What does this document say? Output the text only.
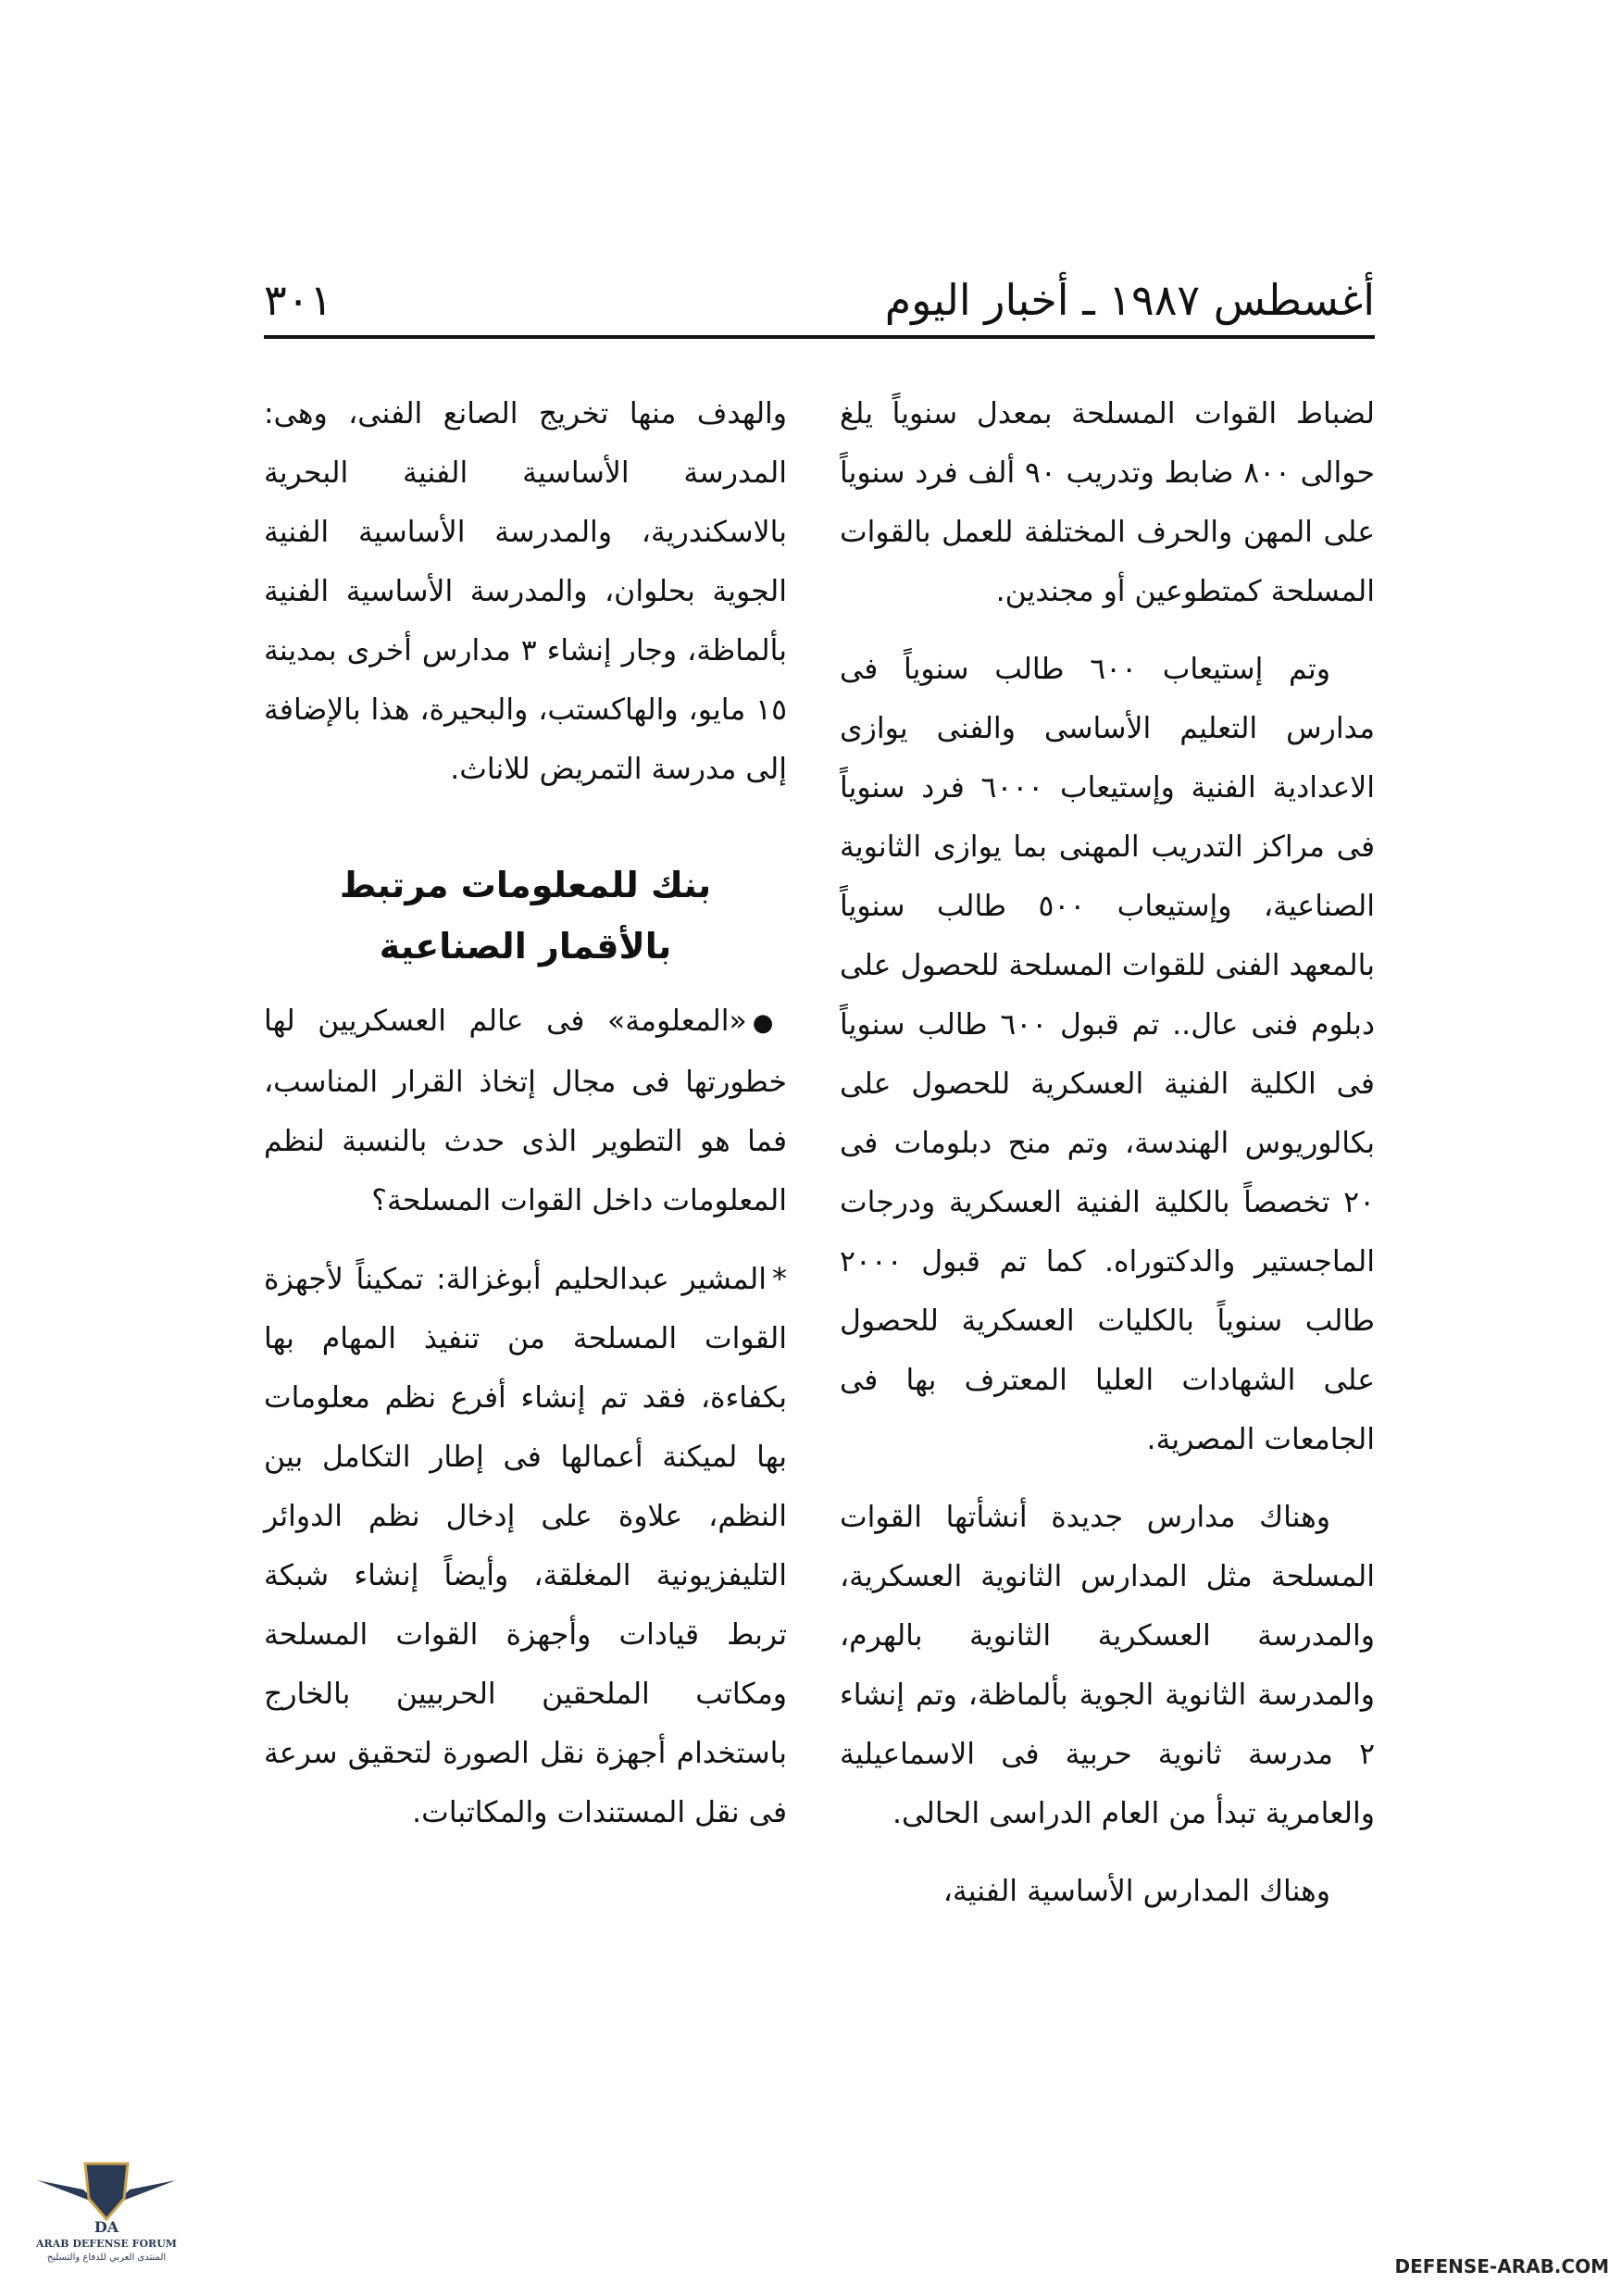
أغسطس ١٩٨٧ ـ أخبار اليوم
٣٠١

لضباط القوات المسلحة بمعدل سنوياً يلغ حوالى ٨٠٠ ضابط وتدريب ٩٠ ألف فرد سنوياً على المهن والحرف المختلفة للعمل بالقوات المسلحة كمتطوعين أو مجندين.

وتم إستيعاب ٦٠٠ طالب سنوياً فى مدارس التعليم الأساسى والفنى يوازى الاعدادية الفنية وإستيعاب ٦٠٠٠ فرد سنوياً فى مراكز التدريب المهنى بما يوازى الثانوية الصناعية، وإستيعاب ٥٠٠ طالب سنوياً بالمعهد الفنى للقوات المسلحة للحصول على دبلوم فنى عال.. تم قبول ٦٠٠ طالب سنوياً فى الكلية الفنية العسكرية للحصول على بكالوريوس الهندسة، وتم منح دبلومات فى ٢٠ تخصصاً بالكلية الفنية العسكرية ودرجات الماجستير والدكتوراه. كما تم قبول ٢٠٠٠ طالب سنوياً بالكليات العسكرية للحصول على الشهادات العليا المعترف بها فى الجامعات المصرية.

وهناك مدارس جديدة أنشأتها القوات المسلحة مثل المدارس الثانوية العسكرية، والمدرسة العسكرية الثانوية بالهرم، والمدرسة الثانوية الجوية بألماظة، وتم إنشاء ٢ مدرسة ثانوية حربية فى الاسماعيلية والعامرية تبدأ من العام الدراسى الحالى.

وهناك المدارس الأساسية الفنية،

والهدف منها تخريج الصانع الفنى، وهى: المدرسة الأساسية الفنية البحرية بالاسكندرية، والمدرسة الأساسية الفنية الجوية بحلوان، والمدرسة الأساسية الفنية بألماظة، وجار إنشاء ٣ مدارس أخرى بمدينة ١٥ مايو، والهاكستب، والبحيرة، هذا بالإضافة إلى مدرسة التمريض للاناث.

بنك للمعلومات مرتبط
بالأقمار الصناعية

●«المعلومة» فى عالم العسكريين لها خطورتها فى مجال إتخاذ القرار المناسب، فما هو التطوير الذى حدث بالنسبة لنظم المعلومات داخل القوات المسلحة؟

*المشير عبدالحليم أبوغزالة: تمكيناً لأجهزة القوات المسلحة من تنفيذ المهام بها بكفاءة، فقد تم إنشاء أفرع نظم معلومات بها لميكنة أعمالها فى إطار التكامل بين النظم، علاوة على إدخال نظم الدوائر التليفزيونية المغلقة، وأيضاً إنشاء شبكة تربط قيادات وأجهزة القوات المسلحة ومكاتب الملحقين الحربيين بالخارج باستخدام أجهزة نقل الصورة لتحقيق سرعة فى نقل المستندات والمكاتبات.

DA
ARAB DEFENSE FORUM
المنتدى العربي للدفاع والتسليح	DEFENSE-ARAB.COM
